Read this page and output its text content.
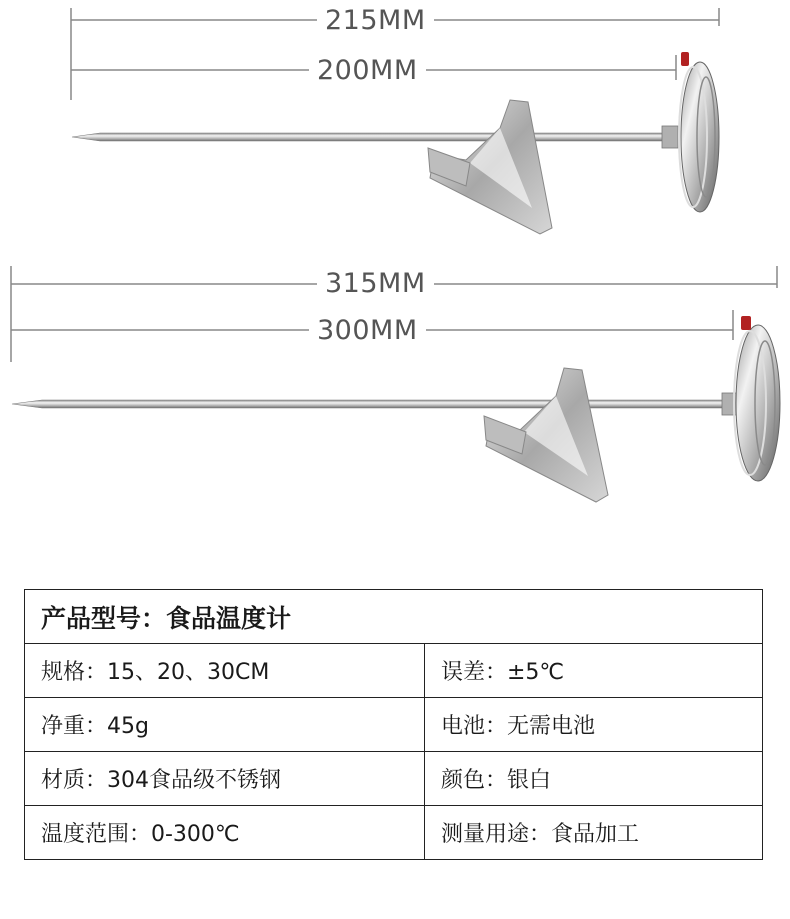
215MM
200MM
315MM
300MM
产品型号：食品温度计	
规格：15、20、30CM	误差：±5℃
净重：45g	电池：无需电池
材质：304食品级不锈钢	颜色：银白
温度范围：0-300℃	测量用途：食品加工
